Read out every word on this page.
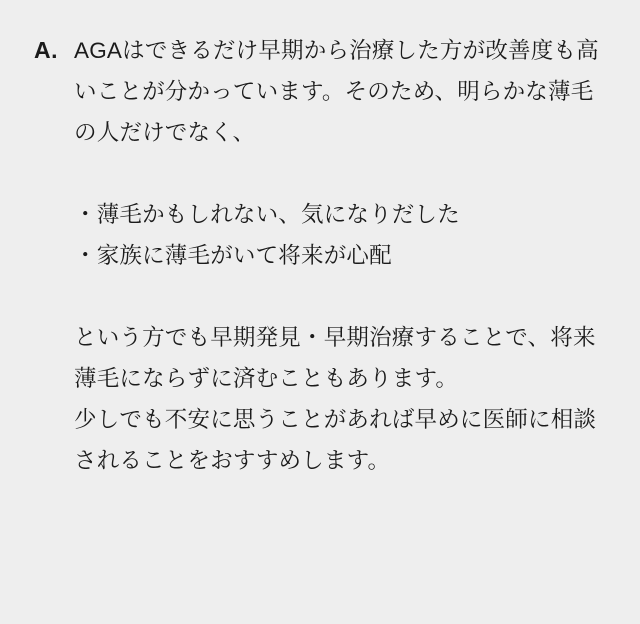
A. AGAはできるだけ早期から治療した方が改善度も高いことが分かっています。そのため、明らかな薄毛の人だけでなく、

・薄毛かもしれない、気になりだした
・家族に薄毛がいて将来が心配

という方でも早期発見・早期治療することで、将来薄毛にならずに済むこともあります。

少しでも不安に思うことがあれば早めに医師に相談されることをおすすめします。
